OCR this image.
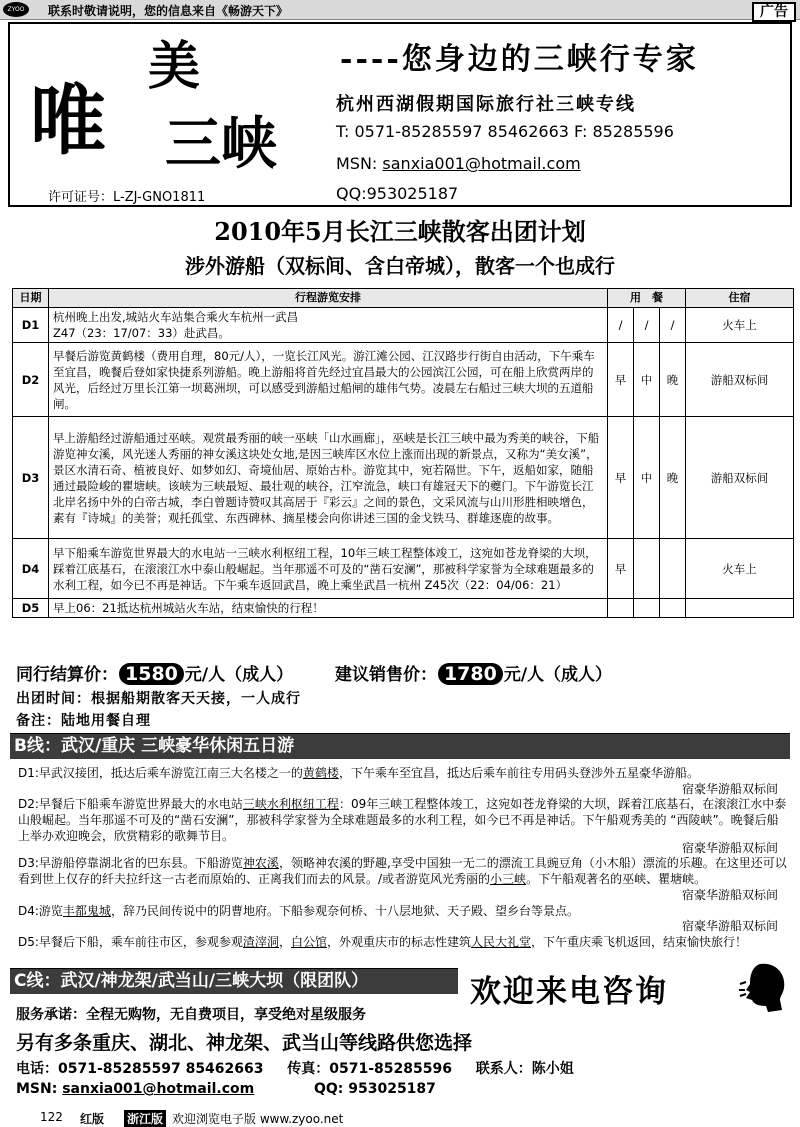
ZYOO	联系时敬请说明，您的信息来自《畅游天下》	广告
唯
美
三峡
许可证号：L-ZJ-GNO1811
----您身边的三峡行专家
杭州西湖假期国际旅行社三峡专线
T: 0571-85285597 85462663 F: 85285596
MSN: sanxia001@hotmail.com
QQ:953025187
2010年5月长江三峡散客出团计划
涉外游船（双标间、含白帝城），散客一个也成行
日期	行程游览安排	用　餐			住宿
D1	杭州晚上出发,城站火车站集合乘火车杭州一武昌
Z47（23：17/07：33）赴武昌。	/	/	/	火车上
D2	早餐后游览黄鹤楼（费用自理，80元/人），一览长江风光。游江滩公园、江汉路步行街自由活动，下午乘车至宜昌，晚餐后登如家快捷系列游船。晚上游船将首先经过宜昌最大的公园滨江公园，可在船上欣赏两岸的风光，后经过万里长江第一坝葛洲坝，可以感受到游船过船闸的雄伟气势。凌晨左右船过三峡大坝的五道船闸。	早	中	晚	游船双标间
D3	早上游船经过游船通过巫峡。观赏最秀丽的峡一巫峡「山水画廊」，巫峡是长江三峡中最为秀美的峡谷，下船游览神女溪，风光迷人秀丽的神女溪这块处女地,是因三峡库区水位上涨而出现的新景点，又称为“美女溪”，景区水清石奇、植被良好、如梦如幻、奇境仙居、原始古朴。游览其中，宛若隔世。下午，返船如家，随船通过最险峻的瞿塘峡。该峡为三峡最短、最壮观的峡谷，江窄流急，峡口有雄冠天下的夔门。下午游览长江北岸名扬中外的白帝古城，李白曾题诗赞叹其高居于『彩云』之间的景色，文采风流与山川形胜相映增色，素有『诗城』的美誉；观托孤堂、东西碑林、摘星楼会向你讲述三国的金戈铁马、群雄逐鹿的故事。	早	中	晚	游船双标间
D4	早下船乘车游览世界最大的水电站一三峡水利枢纽工程，10年三峡工程整体竣工，这宛如苍龙脊梁的大坝，踩着江底基石，在滚滚江水中泰山般崛起。当年那遥不可及的“凿石安澜”，那被科学家誉为全球难题最多的水利工程，如今已不再是神话。下午乘车返回武昌，晚上乘坐武昌一杭州 Z45次（22：04/06：21）	早			火车上
D5	早上06：21抵达杭州城站火车站，结束愉快的行程！				
同行结算价： 1580 元/人（成人） 建议销售价： 1780 元/人（成人）
出团时间：根据船期散客天天接，一人成行
备注：陆地用餐自理
B线：武汉/重庆 三峡豪华休闲五日游
D1:早武汉接团，抵达后乘车游览江南三大名楼之一的黄鹤楼，下午乘车至宜昌，抵达后乘车前往专用码头登涉外五星豪华游船。
宿豪华游船双标间
D2:早餐后下船乘车游览世界最大的水电站三峡水利枢纽工程：09年三峡工程整体竣工，这宛如苍龙脊梁的大坝，踩着江底基石，在滚滚江水中泰山般崛起。当年那遥不可及的“凿石安澜”，那被科学家誉为全球难题最多的水利工程，如今已不再是神话。下午船观秀美的 “西陵峡”。晚餐后船上举办欢迎晚会，欣赏精彩的歌舞节目。
宿豪华游船双标间
D3:早游船停靠湖北省的巴东县。下船游览神农溪，领略神农溪的野趣,享受中国独一无二的漂流工具豌豆角（小木船）漂流的乐趣。在这里还可以看到世上仅存的纤夫拉纤这一古老而原始的、正离我们而去的风景。/或者游览风光秀丽的小三峡。下午船观著名的巫峡、瞿塘峡。
宿豪华游船双标间
D4:游览丰都鬼城，辞乃民间传说中的阴曹地府。下船参观奈何桥、十八层地狱、天子殿、望乡台等景点。
宿豪华游船双标间
D5:早餐后下船，乘车前往市区，参观参观渣滓洞，白公馆，外观重庆市的标志性建筑人民大礼堂，下午重庆乘飞机返回，结束愉快旅行！
C线：武汉/神龙架/武当山/三峡大坝（限团队）	欢迎来电咨询
服务承诺：全程无购物，无自费项目，享受绝对星级服务
另有多条重庆、湖北、神龙架、武当山等线路供您选择
电话：0571-85285597 85462663 传真：0571-85285596 联系人：陈小姐
MSN: sanxia001@hotmail.com	QQ: 953025187
122 红版 浙江版 欢迎浏览电子版 www.zyoo.net
